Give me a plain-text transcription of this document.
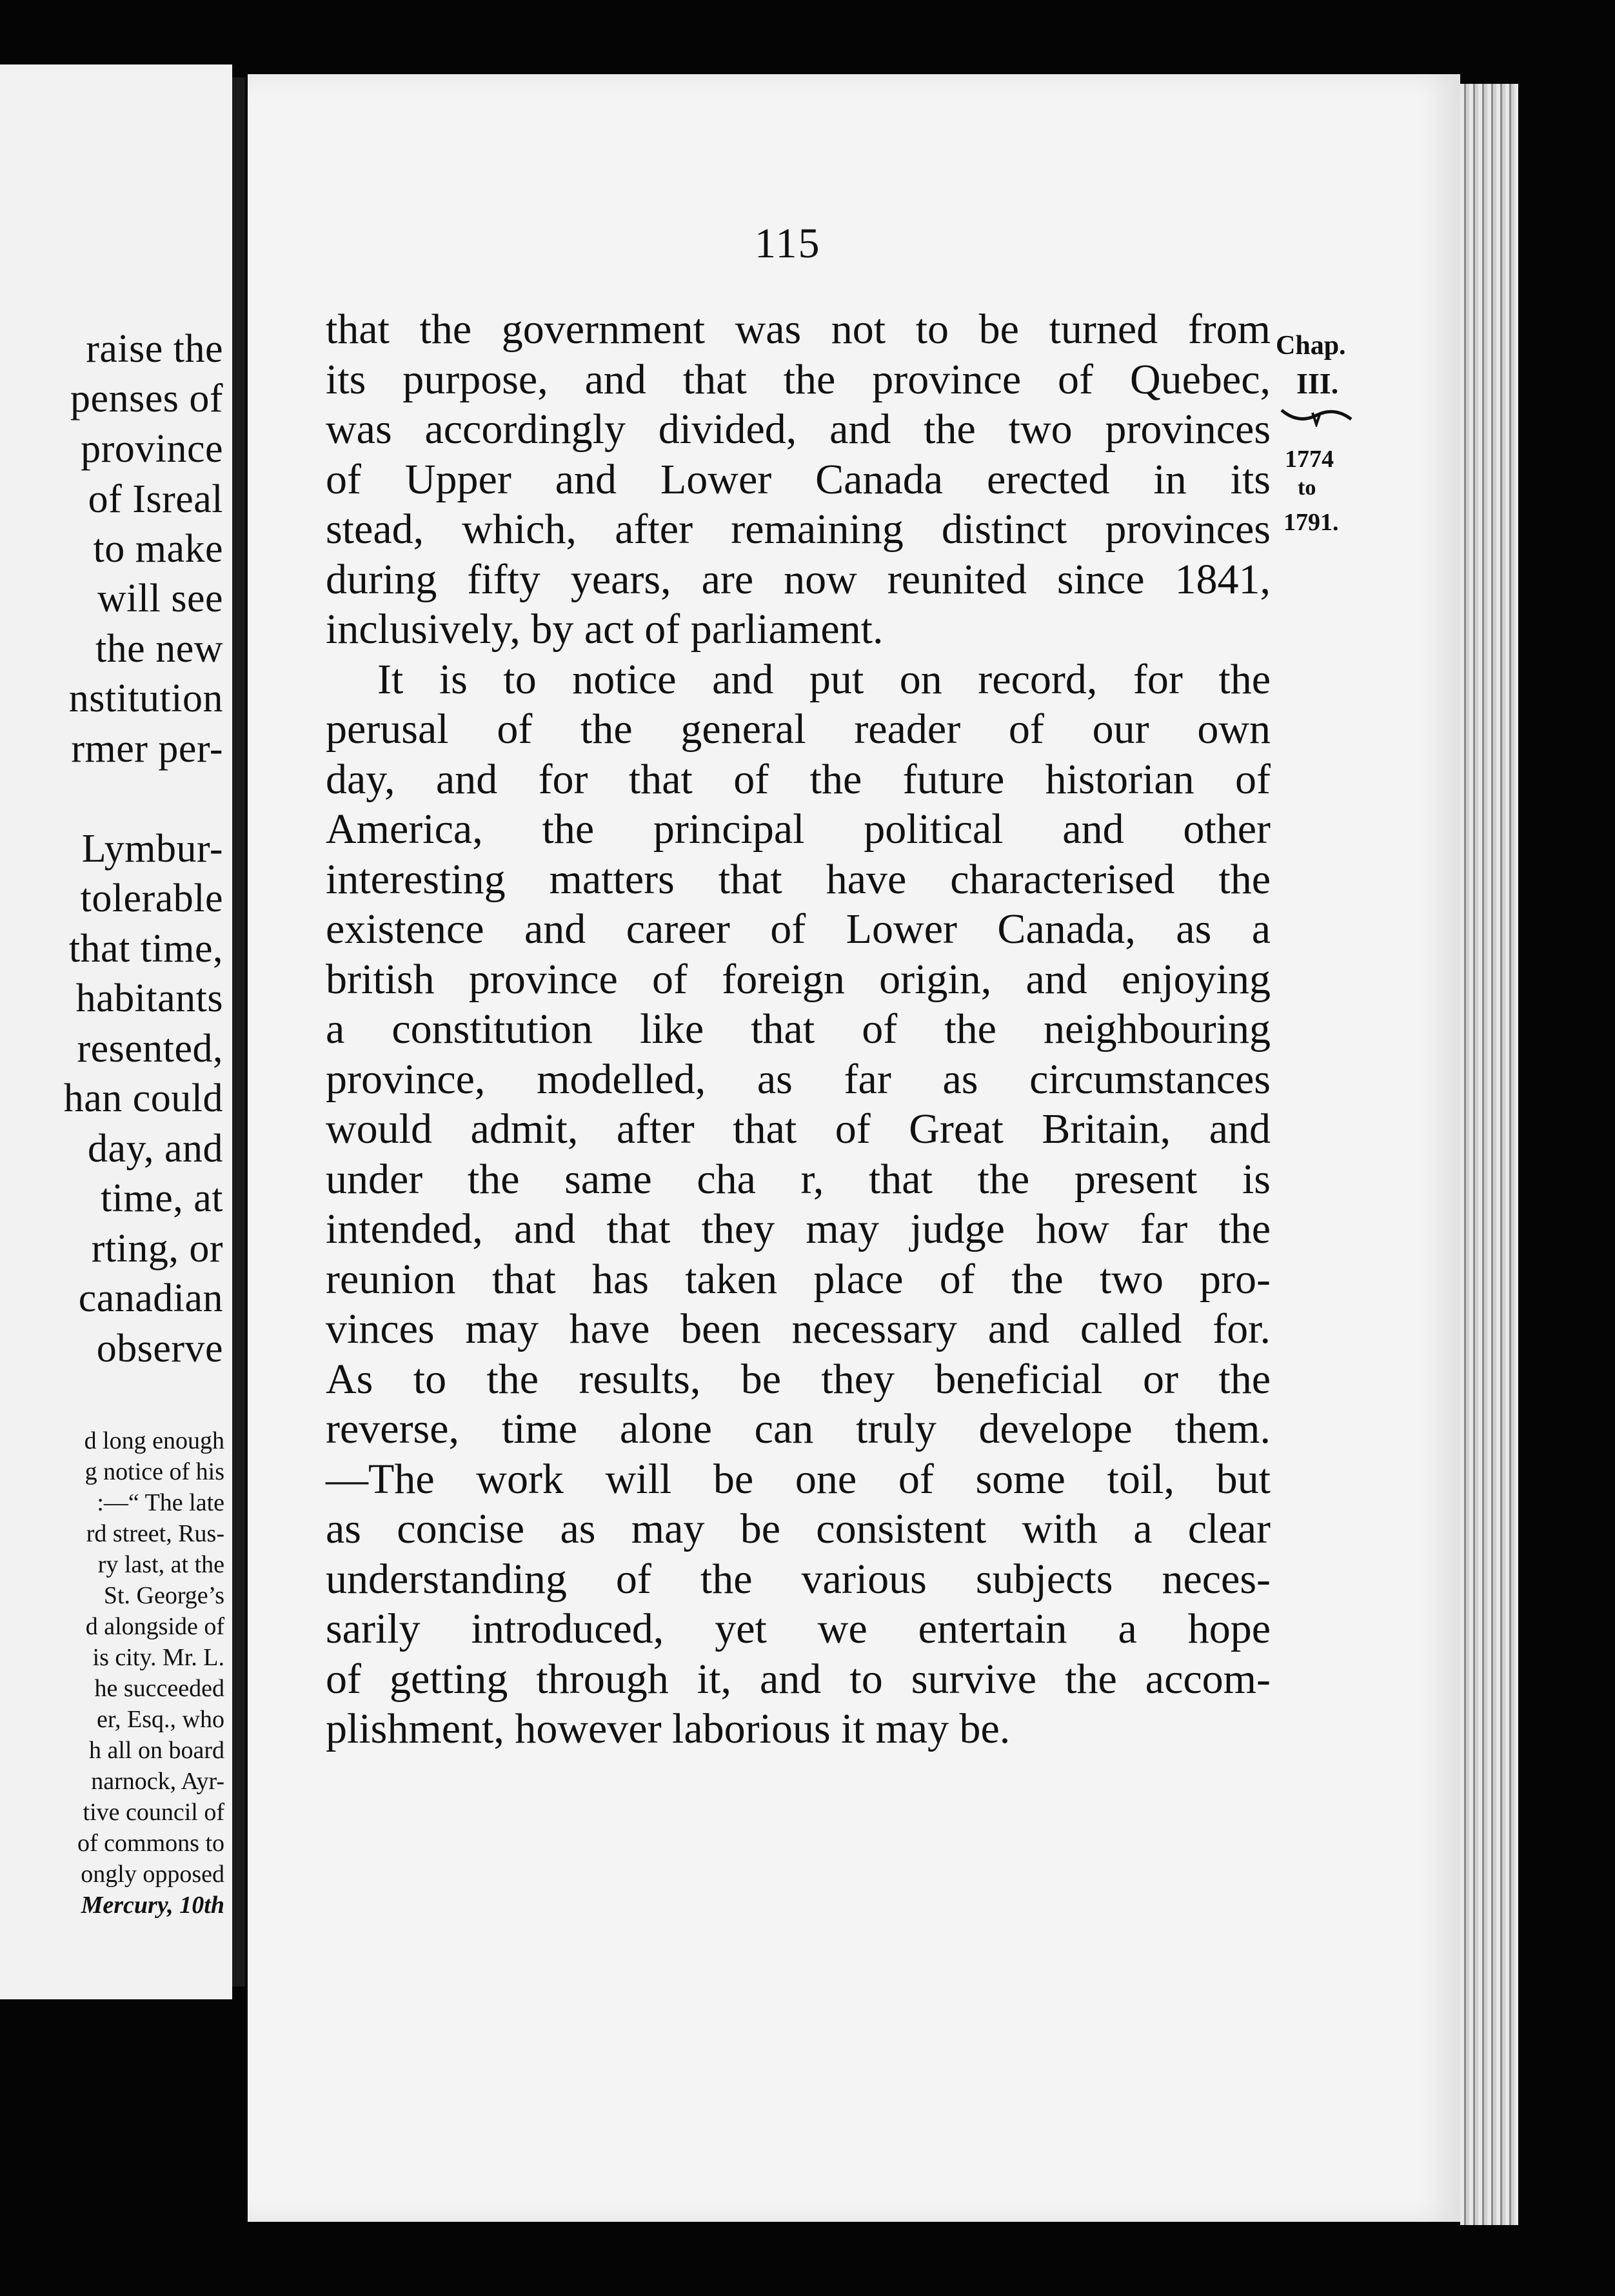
raise the
penses of
province
of Isreal
to make
will see
the new
nstitution
rmer per-
Lymbur-
tolerable
that time,
habitants
resented,
han could
day, and
time, at
rting, or
canadian
observe
d long enough
g notice of his
:—“ The late
rd street, Rus-
ry last, at the
St. George’s
d alongside of
is city. Mr. L.
he succeeded
er, Esq., who
h all on board
narnock, Ayr-
tive council of
of commons to
ongly opposed
Mercury, 10th
115
that the government was not to be turned from
its purpose, and that the province of Quebec,
was accordingly divided, and the two provinces
of Upper and Lower Canada erected in its
stead, which, after remaining distinct provinces
during fifty years, are now reunited since 1841,
inclusively, by act of parliament.
It is to notice and put on record, for the
perusal of the general reader of our own
day, and for that of the future historian of
America, the principal political and other
interesting matters that have characterised the
existence and career of Lower Canada, as a
british province of foreign origin, and enjoying
a constitution like that of the neighbouring
province, modelled, as far as circumstances
would admit, after that of Great Britain, and
under the same cha r, that the present is
intended, and that they may judge how far the
reunion that has taken place of the two pro-
vinces may have been necessary and called for.
As to the results, be they beneficial or the
reverse, time alone can truly develope them.
—The work will be one of some toil, but
as concise as may be consistent with a clear
understanding of the various subjects neces-
sarily introduced, yet we entertain a hope
of getting through it, and to survive the accom-
plishment, however laborious it may be.
Chap.
III.
1774
to
1791.
